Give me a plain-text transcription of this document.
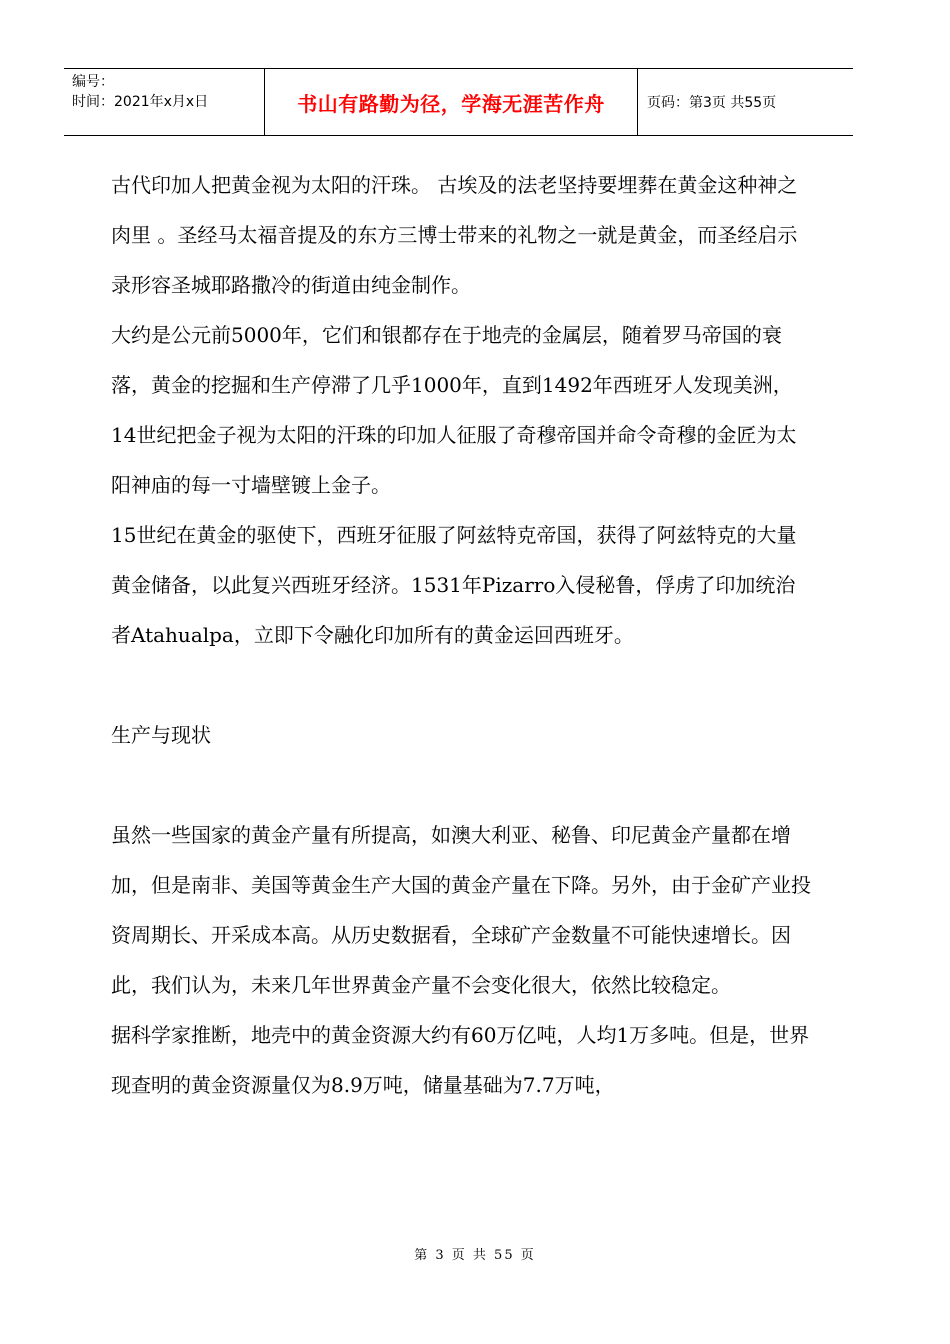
编号：
时间：2021年x月x日	书山有路勤为径，学海无涯苦作舟	页码：第3页 共55页

古代印加人把黄金视为太阳的汗珠。 古埃及的法老坚持要埋葬在黄金这种神之肉里 。圣经马太福音提及的东方三博士带来的礼物之一就是黄金，而圣经启示录形容圣城耶路撒冷的街道由纯金制作。

大约是公元前5000年，它们和银都存在于地壳的金属层，随着罗马帝国的衰落，黄金的挖掘和生产停滞了几乎1000年，直到1492年西班牙人发现美洲，14世纪把金子视为太阳的汗珠的印加人征服了奇穆帝国并命令奇穆的金匠为太阳神庙的每一寸墙壁镀上金子。

15世纪在黄金的驱使下，西班牙征服了阿兹特克帝国，获得了阿兹特克的大量黄金储备，以此复兴西班牙经济。1531年Pizarro入侵秘鲁，俘虏了印加统治者Atahualpa，立即下令融化印加所有的黄金运回西班牙。

生产与现状

虽然一些国家的黄金产量有所提高，如澳大利亚、秘鲁、印尼黄金产量都在增加，但是南非、美国等黄金生产大国的黄金产量在下降。另外，由于金矿产业投资周期长、开采成本高。从历史数据看，全球矿产金数量不可能快速增长。因此，我们认为，未来几年世界黄金产量不会变化很大，依然比较稳定。

据科学家推断，地壳中的黄金资源大约有60万亿吨，人均1万多吨。但是，世界现查明的黄金资源量仅为8.9万吨，储量基础为7.7万吨，

第 3 页 共 55 页
